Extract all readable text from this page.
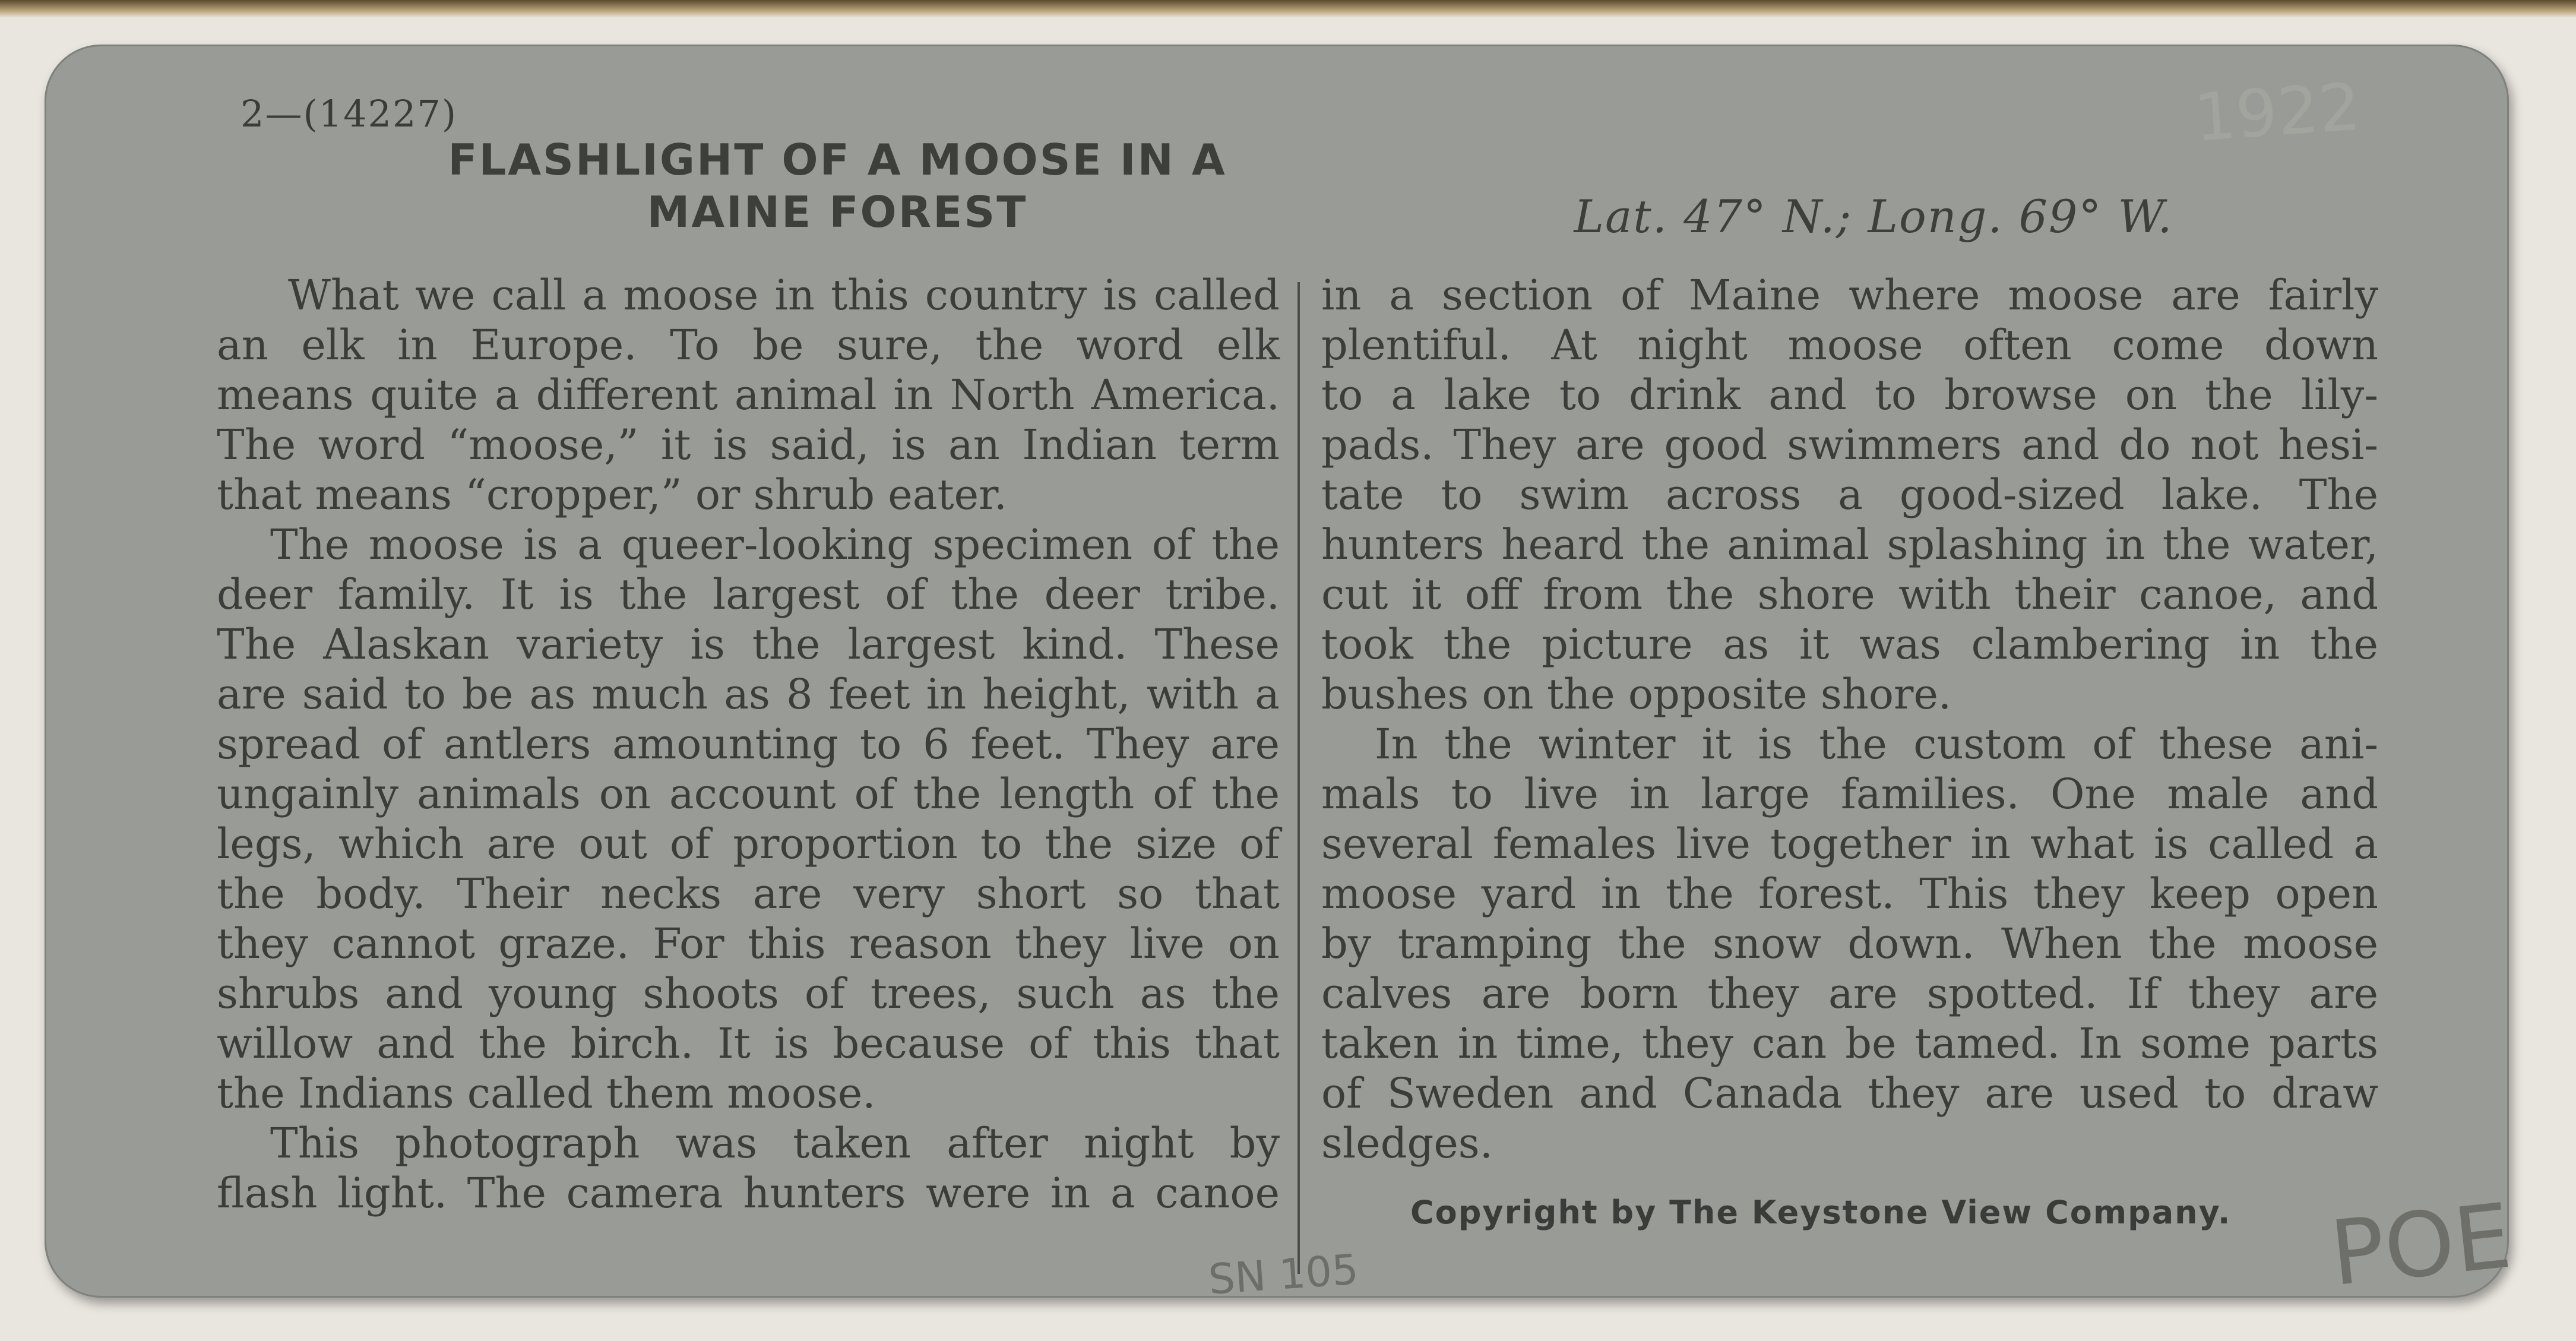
2—(14227)
FLASHLIGHT OF A MOOSE IN A
MAINE FOREST	Lat. 47° N.; Long. 69° W.
What we call a moose in this country is called
an elk in Europe. To be sure, the word elk
means quite a different animal in North America.
The word “moose,” it is said, is an Indian term
that means “cropper,” or shrub eater.
The moose is a queer-looking specimen of the
deer family. It is the largest of the deer tribe.
The Alaskan variety is the largest kind. These
are said to be as much as 8 feet in height, with a
spread of antlers amounting to 6 feet. They are
ungainly animals on account of the length of the
legs, which are out of proportion to the size of
the body. Their necks are very short so that
they cannot graze. For this reason they live on
shrubs and young shoots of trees, such as the
willow and the birch. It is because of this that
the Indians called them moose.
This photograph was taken after night by
flash light. The camera hunters were in a canoe
in a section of Maine where moose are fairly
plentiful. At night moose often come down
to a lake to drink and to browse on the lily-
pads. They are good swimmers and do not hesi-
tate to swim across a good-sized lake. The
hunters heard the animal splashing in the water,
cut it off from the shore with their canoe, and
took the picture as it was clambering in the
bushes on the opposite shore.
In the winter it is the custom of these ani-
mals to live in large families. One male and
several females live together in what is called a
moose yard in the forest. This they keep open
by tramping the snow down. When the moose
calves are born they are spotted. If they are
taken in time, they can be tamed. In some parts
of Sweden and Canada they are used to draw
sledges.
Copyright by The Keystone View Company.
SN 105	POE
1922
